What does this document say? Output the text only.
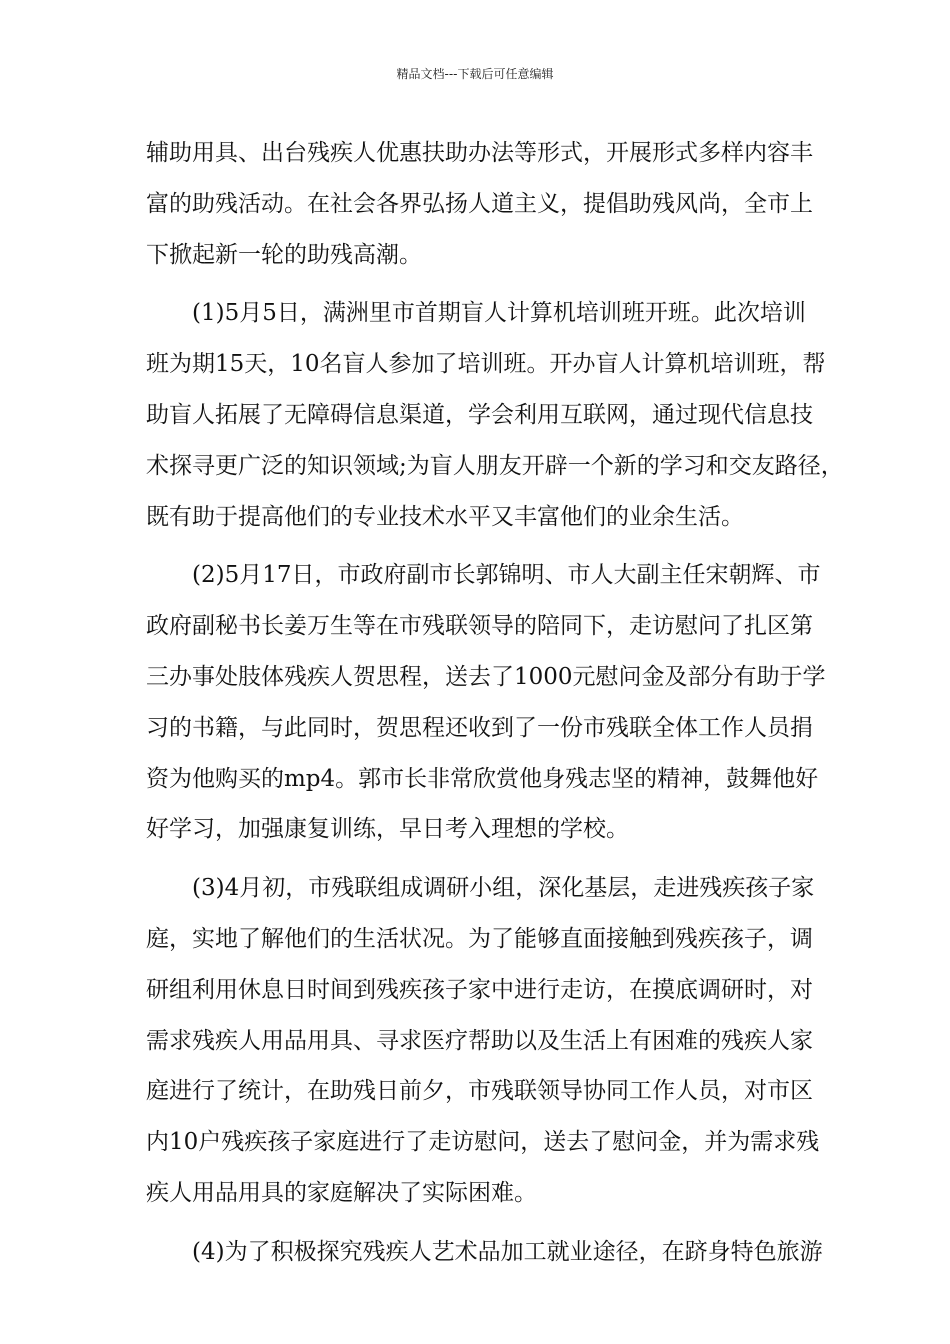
精品文档---下载后可任意编辑
辅助用具、出台残疾人优惠扶助办法等形式，开展形式多样内容丰
富的助残活动。在社会各界弘扬人道主义，提倡助残风尚，全市上
下掀起新一轮的助残高潮。
(1)5月5日，满洲里市首期盲人计算机培训班开班。此次培训
班为期15天，10名盲人参加了培训班。开办盲人计算机培训班，帮
助盲人拓展了无障碍信息渠道，学会利用互联网，通过现代信息技
术探寻更广泛的知识领域;为盲人朋友开辟一个新的学习和交友路径，
既有助于提高他们的专业技术水平又丰富他们的业余生活。
(2)5月17日，市政府副市长郭锦明、市人大副主任宋朝辉、市
政府副秘书长姜万生等在市残联领导的陪同下，走访慰问了扎区第
三办事处肢体残疾人贺思程，送去了1000元慰问金及部分有助于学
习的书籍，与此同时，贺思程还收到了一份市残联全体工作人员捐
资为他购买的mp4。郭市长非常欣赏他身残志坚的精神，鼓舞他好
好学习，加强康复训练，早日考入理想的学校。
(3)4月初，市残联组成调研小组，深化基层，走进残疾孩子家
庭，实地了解他们的生活状况。为了能够直面接触到残疾孩子，调
研组利用休息日时间到残疾孩子家中进行走访，在摸底调研时，对
需求残疾人用品用具、寻求医疗帮助以及生活上有困难的残疾人家
庭进行了统计，在助残日前夕，市残联领导协同工作人员，对市区
内10户残疾孩子家庭进行了走访慰问，送去了慰问金，并为需求残
疾人用品用具的家庭解决了实际困难。
(4)为了积极探究残疾人艺术品加工就业途径，在跻身特色旅游
